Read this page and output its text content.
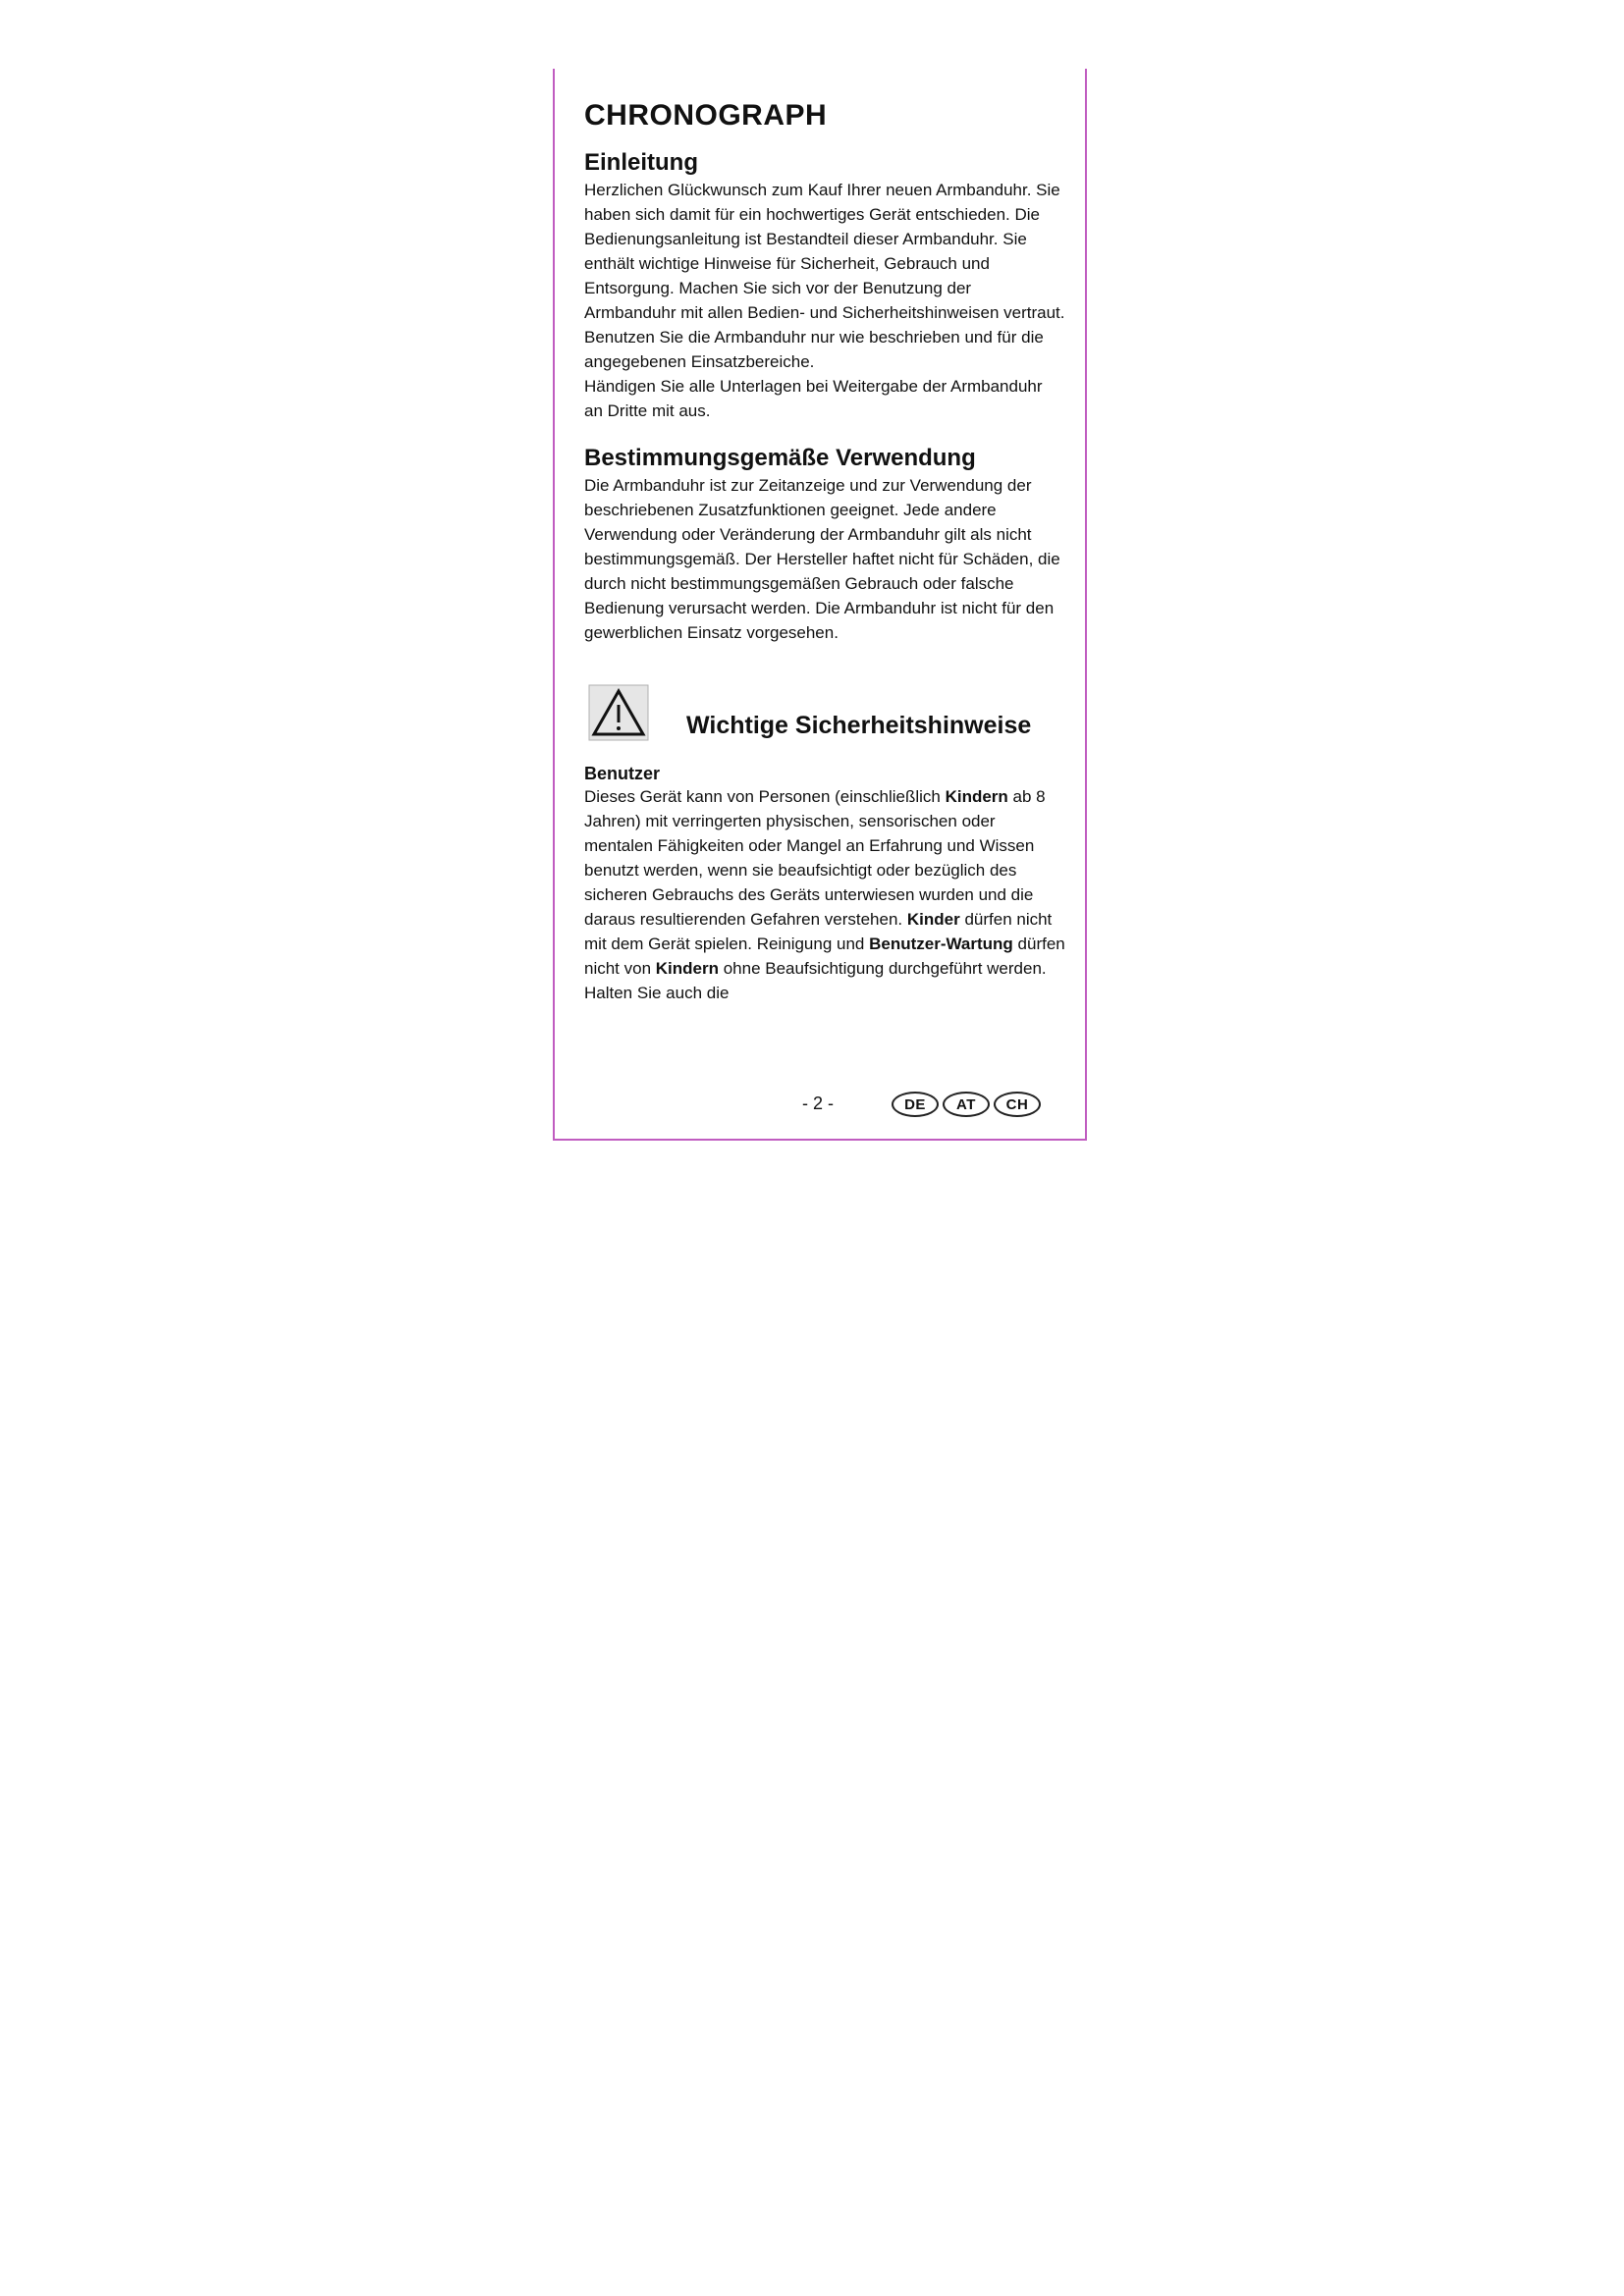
CHRONOGRAPH
Einleitung

Herzlichen Glückwunsch zum Kauf Ihrer neuen Armbanduhr. Sie haben sich damit für ein hochwertiges Gerät entschieden. Die Bedienungsanleitung ist Bestandteil dieser Armbanduhr. Sie enthält wichtige Hinweise für Sicherheit, Gebrauch und Entsorgung. Machen Sie sich vor der Benutzung der Armbanduhr mit allen Bedien- und Sicherheitshinweisen vertraut. Benutzen Sie die Armbanduhr nur wie beschrieben und für die angegebenen Einsatzbereiche.

Händigen Sie alle Unterlagen bei Weitergabe der Armbanduhr an Dritte mit aus.

Bestimmungsgemäße Verwendung

Die Armbanduhr ist zur Zeitanzeige und zur Verwendung der beschriebenen Zusatzfunktionen geeignet. Jede andere Verwendung oder Veränderung der Armbanduhr gilt als nicht bestimmungsgemäß. Der Hersteller haftet nicht für Schäden, die durch nicht bestimmungsgemäßen Gebrauch oder falsche Bedienung verursacht werden. Die Armbanduhr ist nicht für den gewerblichen Einsatz vorgesehen.

Wichtige Sicherheitshinweise
Benutzer

Dieses Gerät kann von Personen (einschließlich Kindern ab 8 Jahren) mit verringerten physischen, sensorischen oder mentalen Fähigkeiten oder Mangel an Erfahrung und Wissen benutzt werden, wenn sie beaufsichtigt oder bezüglich des sicheren Gebrauchs des Geräts unterwiesen wurden und die daraus resultierenden Gefahren verstehen. Kinder dürfen nicht mit dem Gerät spielen. Reinigung und Benutzer-Wartung dürfen nicht von Kindern ohne Beaufsichtigung durchgeführt werden. Halten Sie auch die

- 2 -	DE	AT	CH
